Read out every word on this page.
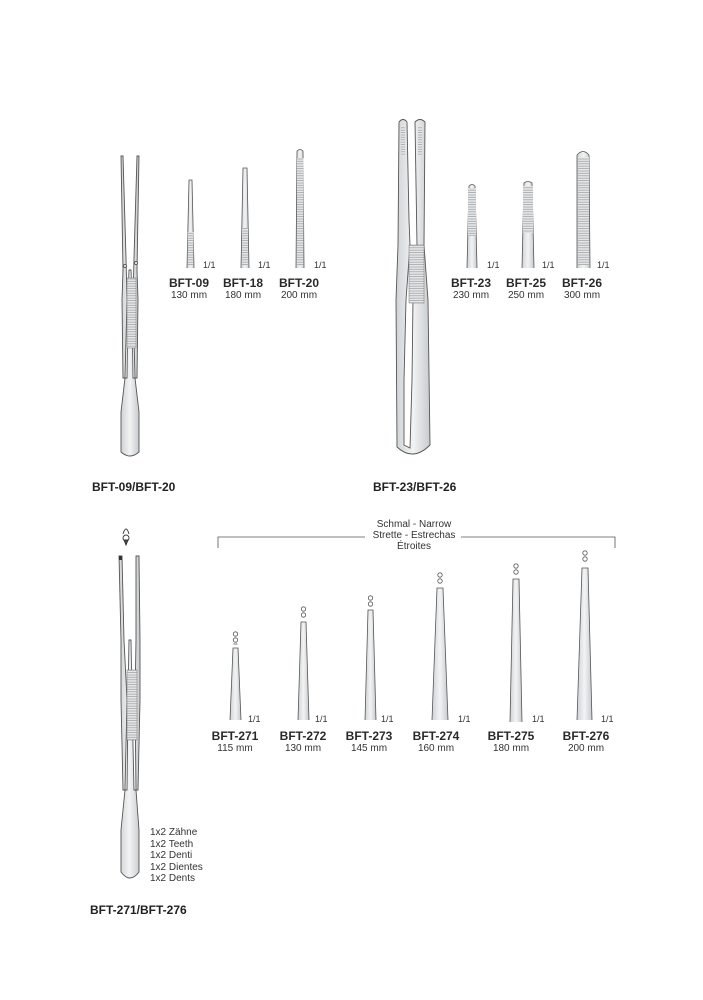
1/1	1/1	1/1	1/1	1/1	1/1
BFT-09
130 mm
BFT-18
180 mm
BFT-20
200 mm
BFT-23
230 mm
BFT-25
250 mm
BFT-26
300 mm
BFT-09/BFT-20	BFT-23/BFT-26
BFT-271/BFT-276
Schmal - Narrow
Strette - Estrechas
Étroites
1/1	1/1	1/1	1/1	1/1	1/1
BFT-271
115 mm
BFT-272
130 mm
BFT-273
145 mm
BFT-274
160 mm
BFT-275
180 mm
BFT-276
200 mm
1x2 Zähne
1x2 Teeth
1x2 Denti
1x2 Dientes
1x2 Dents
